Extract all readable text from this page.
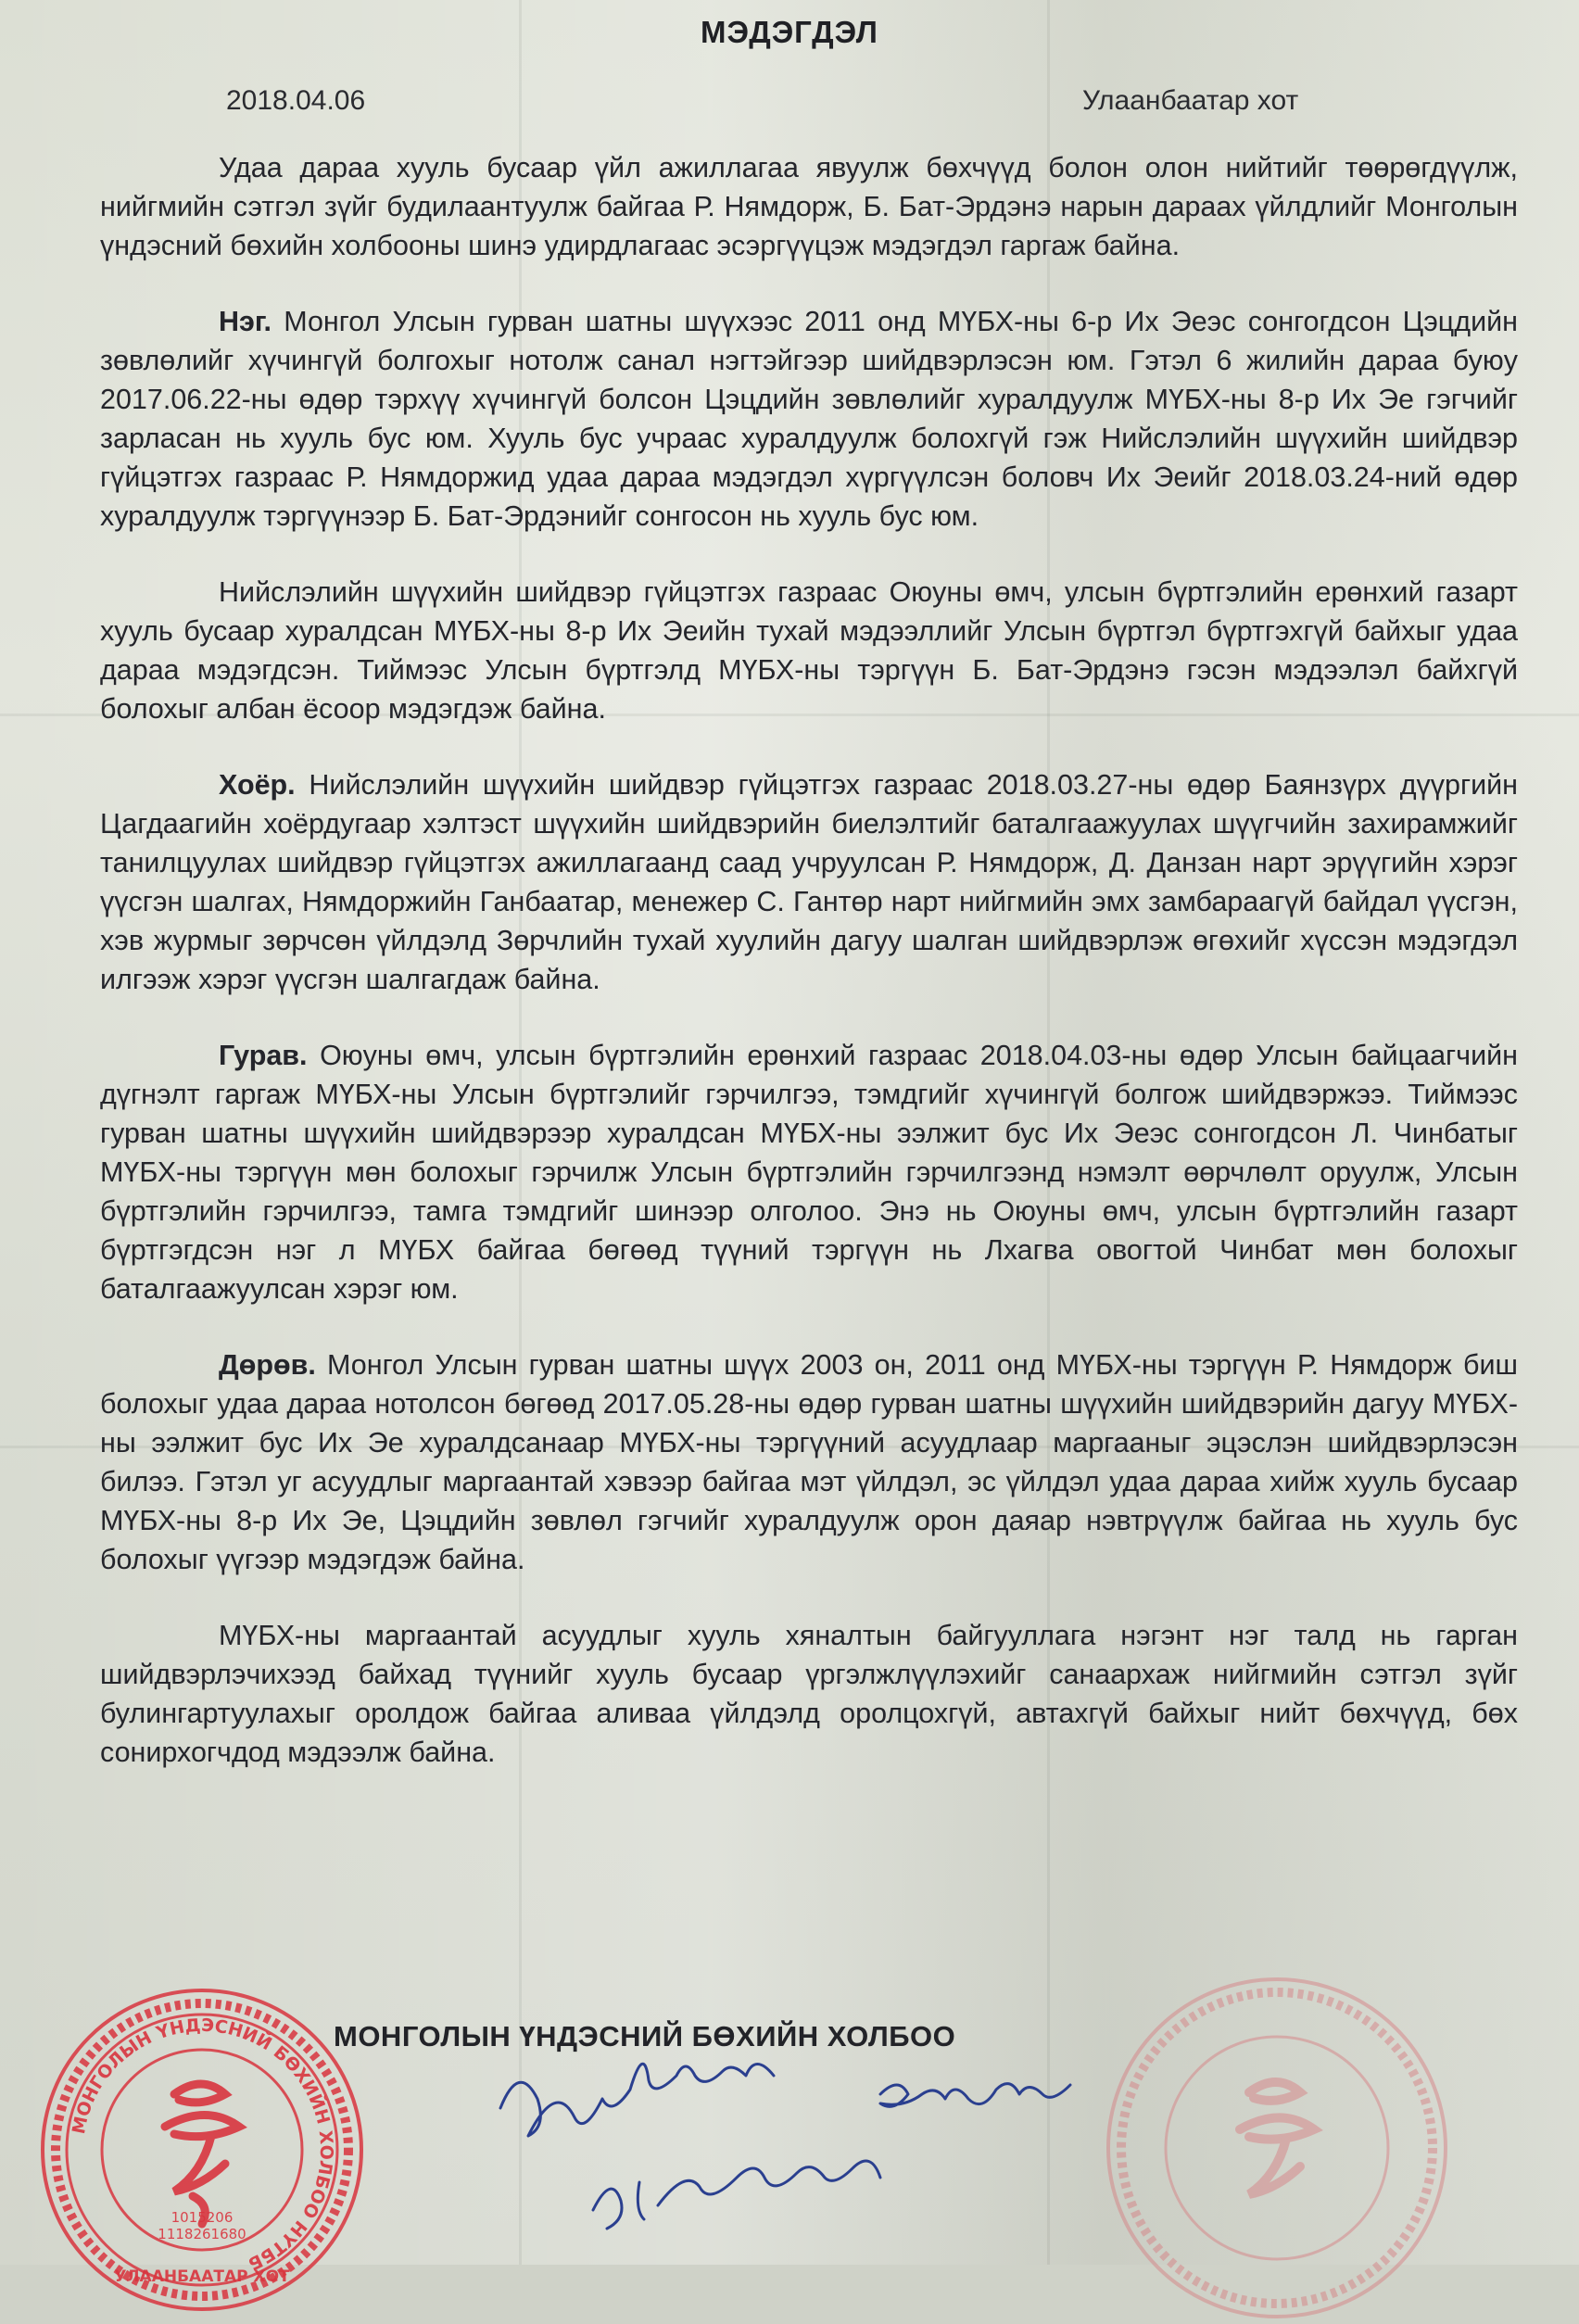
МЭДЭГДЭЛ
2018.04.06	Улаанбаатар хот

Удаа дараа хууль бусаар үйл ажиллагаа явуулж бөхчүүд болон олон нийтийг төөрөгдүүлж, нийгмийн сэтгэл зүйг будилаантуулж байгаа Р. Нямдорж, Б. Бат-Эрдэнэ нарын дараах үйлдлийг Монголын үндэсний бөхийн холбооны шинэ удирдлагаас эсэргүүцэж мэдэгдэл гаргаж байна.

Нэг. Монгол Улсын гурван шатны шүүхээс 2011 онд МҮБХ-ны 6-р Их Эеэс сонгогдсон Цэцдийн зөвлөлийг хүчингүй болгохыг нотолж санал нэгтэйгээр шийдвэрлэсэн юм. Гэтэл 6 жилийн дараа буюу 2017.06.22-ны өдөр тэрхүү хүчингүй болсон Цэцдийн зөвлөлийг хуралдуулж МҮБХ-ны 8-р Их Эе гэгчийг зарласан нь хууль бус юм. Хууль бус учраас хуралдуулж болохгүй гэж Нийслэлийн шүүхийн шийдвэр гүйцэтгэх газраас Р. Нямдоржид удаа дараа мэдэгдэл хүргүүлсэн боловч Их Эеийг 2018.03.24-ний өдөр хуралдуулж тэргүүнээр Б. Бат-Эрдэнийг сонгосон нь хууль бус юм.

Нийслэлийн шүүхийн шийдвэр гүйцэтгэх газраас Оюуны өмч, улсын бүртгэлийн ерөнхий газарт хууль бусаар хуралдсан МҮБХ-ны 8-р Их Эеийн тухай мэдээллийг Улсын бүртгэл бүртгэхгүй байхыг удаа дараа мэдэгдсэн. Тиймээс Улсын бүртгэлд МҮБХ-ны тэргүүн Б. Бат-Эрдэнэ гэсэн мэдээлэл байхгүй болохыг албан ёсоор мэдэгдэж байна.

Хоёр. Нийслэлийн шүүхийн шийдвэр гүйцэтгэх газраас 2018.03.27-ны өдөр Баянзүрх дүүргийн Цагдаагийн хоёрдугаар хэлтэст шүүхийн шийдвэрийн биелэлтийг баталгаажуулах шүүгчийн захирамжийг танилцуулах шийдвэр гүйцэтгэх ажиллагаанд саад учруулсан Р. Нямдорж, Д. Данзан нарт эрүүгийн хэрэг үүсгэн шалгах, Нямдоржийн Ганбаатар, менежер С. Гантөр нарт нийгмийн эмх замбараагүй байдал үүсгэн, хэв журмыг зөрчсөн үйлдэлд Зөрчлийн тухай хуулийн дагуу шалган шийдвэрлэж өгөхийг хүссэн мэдэгдэл илгээж хэрэг үүсгэн шалгагдаж байна.

Гурав. Оюуны өмч, улсын бүртгэлийн ерөнхий газраас 2018.04.03-ны өдөр Улсын байцаагчийн дүгнэлт гаргаж МҮБХ-ны Улсын бүртгэлийг гэрчилгээ, тэмдгийг хүчингүй болгож шийдвэржээ. Тиймээс гурван шатны шүүхийн шийдвэрээр хуралдсан МҮБХ-ны ээлжит бус Их Эеэс сонгогдсон Л. Чинбатыг МҮБХ-ны тэргүүн мөн болохыг гэрчилж Улсын бүртгэлийн гэрчилгээнд нэмэлт өөрчлөлт оруулж, Улсын бүртгэлийн гэрчилгээ, тамга тэмдгийг шинээр олголоо. Энэ нь Оюуны өмч, улсын бүртгэлийн газарт бүртгэгдсэн нэг л МҮБХ байгаа бөгөөд түүний тэргүүн нь Лхагва овогтой Чинбат мөн болохыг баталгаажуулсан хэрэг юм.

Дөрөв. Монгол Улсын гурван шатны шүүх 2003 он, 2011 онд МҮБХ-ны тэргүүн Р. Нямдорж биш болохыг удаа дараа нотолсон бөгөөд 2017.05.28-ны өдөр гурван шатны шүүхийн шийдвэрийн дагуу МҮБХ-ны ээлжит бус Их Эе хуралдсанаар МҮБХ-ны тэргүүний асуудлаар маргааныг эцэслэн шийдвэрлэсэн билээ. Гэтэл уг асуудлыг маргаантай хэвээр байгаа мэт үйлдэл, эс үйлдэл удаа дараа хийж хууль бусаар МҮБХ-ны 8-р Их Эе, Цэцдийн зөвлөл гэгчийг хуралдуулж орон даяар нэвтрүүлж байгаа нь хууль бус болохыг үүгээр мэдэгдэж байна.

МҮБХ-ны маргаантай асуудлыг хууль хяналтын байгууллага нэгэнт нэг талд нь гарган шийдвэрлэчихээд байхад түүнийг хууль бусаар үргэлжлүүлэхийг санаархаж нийгмийн сэтгэл зүйг булингартуулахыг оролдож байгаа аливаа үйлдэлд оролцохгүй, автахгүй байхыг нийт бөхчүүд, бөх сонирхогчдод мэдээлж байна.

МОНГОЛЫН ҮНДЭСНИЙ БӨХИЙН ХОЛБОО
МОНГОЛЫН ҮНДЭСНИЙ БӨХИЙН ХОЛБОО НҮТББ
1015206
1118261680
УЛААНБААТАР ХОТ
